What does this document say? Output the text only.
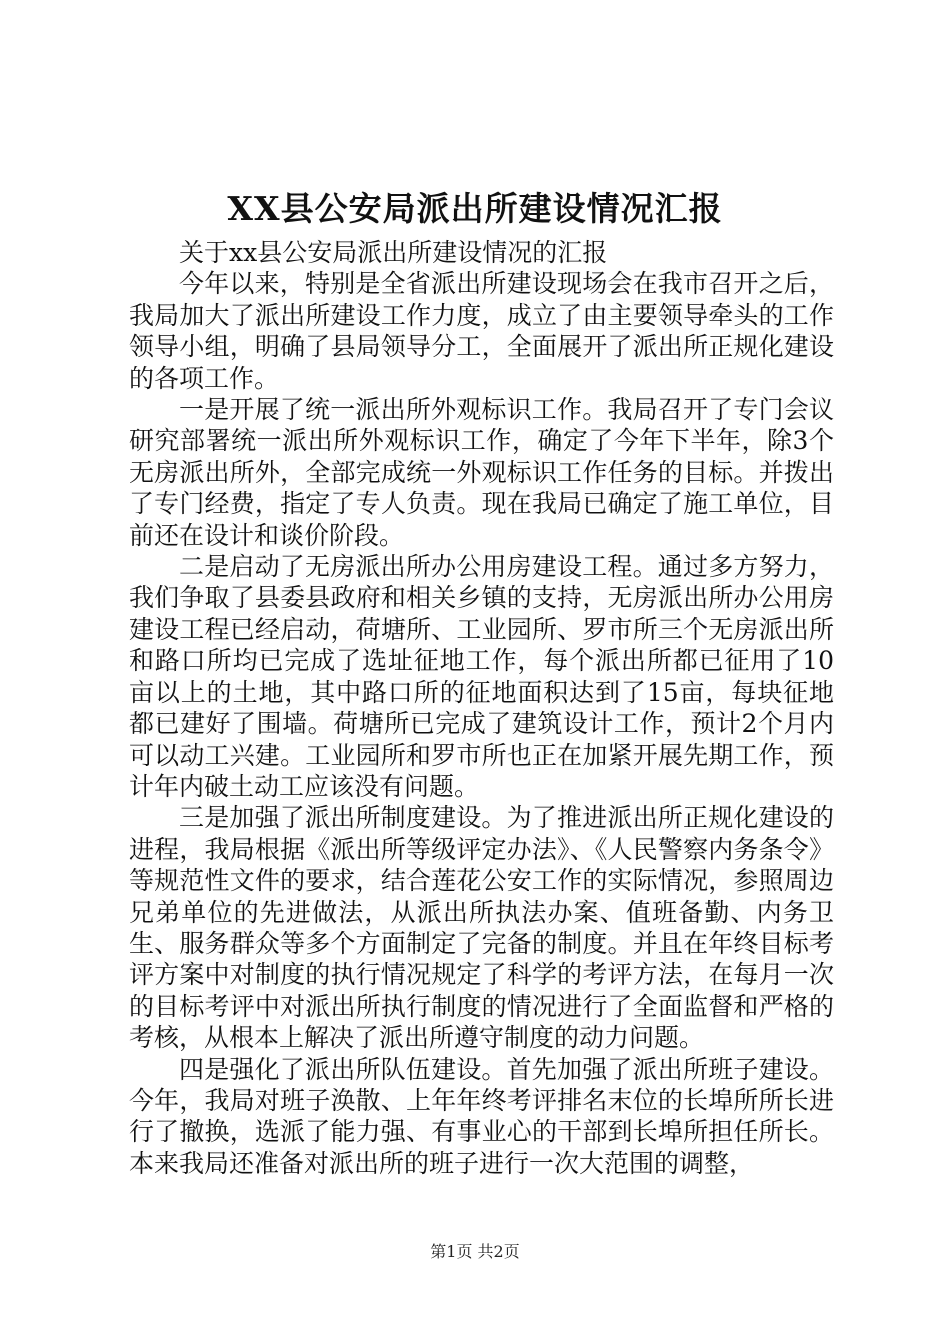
XX县公安局派出所建设情况汇报

关于xx县公安局派出所建设情况的汇报

今年以来，特别是全省派出所建设现场会在我市召开之后，我局加大了派出所建设工作力度，成立了由主要领导牵头的工作领导小组，明确了县局领导分工，全面展开了派出所正规化建设的各项工作。

一是开展了统一派出所外观标识工作。我局召开了专门会议研究部署统一派出所外观标识工作，确定了今年下半年，除3个无房派出所外，全部完成统一外观标识工作任务的目标。并拨出了专门经费，指定了专人负责。现在我局已确定了施工单位，目前还在设计和谈价阶段。

二是启动了无房派出所办公用房建设工程。通过多方努力，我们争取了县委县政府和相关乡镇的支持，无房派出所办公用房建设工程已经启动，荷塘所、工业园所、罗市所三个无房派出所和路口所均已完成了选址征地工作，每个派出所都已征用了10亩以上的土地，其中路口所的征地面积达到了15亩，每块征地都已建好了围墙。荷塘所已完成了建筑设计工作，预计2个月内可以动工兴建。工业园所和罗市所也正在加紧开展先期工作，预计年内破土动工应该没有问题。

三是加强了派出所制度建设。为了推进派出所正规化建设的进程，我局根据《派出所等级评定办法》、《人民警察内务条令》等规范性文件的要求，结合莲花公安工作的实际情况，参照周边兄弟单位的先进做法，从派出所执法办案、值班备勤、内务卫生、服务群众等多个方面制定了完备的制度。并且在年终目标考评方案中对制度的执行情况规定了科学的考评方法，在每月一次的目标考评中对派出所执行制度的情况进行了全面监督和严格的考核，从根本上解决了派出所遵守制度的动力问题。

四是强化了派出所队伍建设。首先加强了派出所班子建设。今年，我局对班子涣散、上年年终考评排名末位的长埠所所长进行了撤换，选派了能力强、有事业心的干部到长埠所担任所长。本来我局还准备对派出所的班子进行一次大范围的调整，

第1页 共2页
